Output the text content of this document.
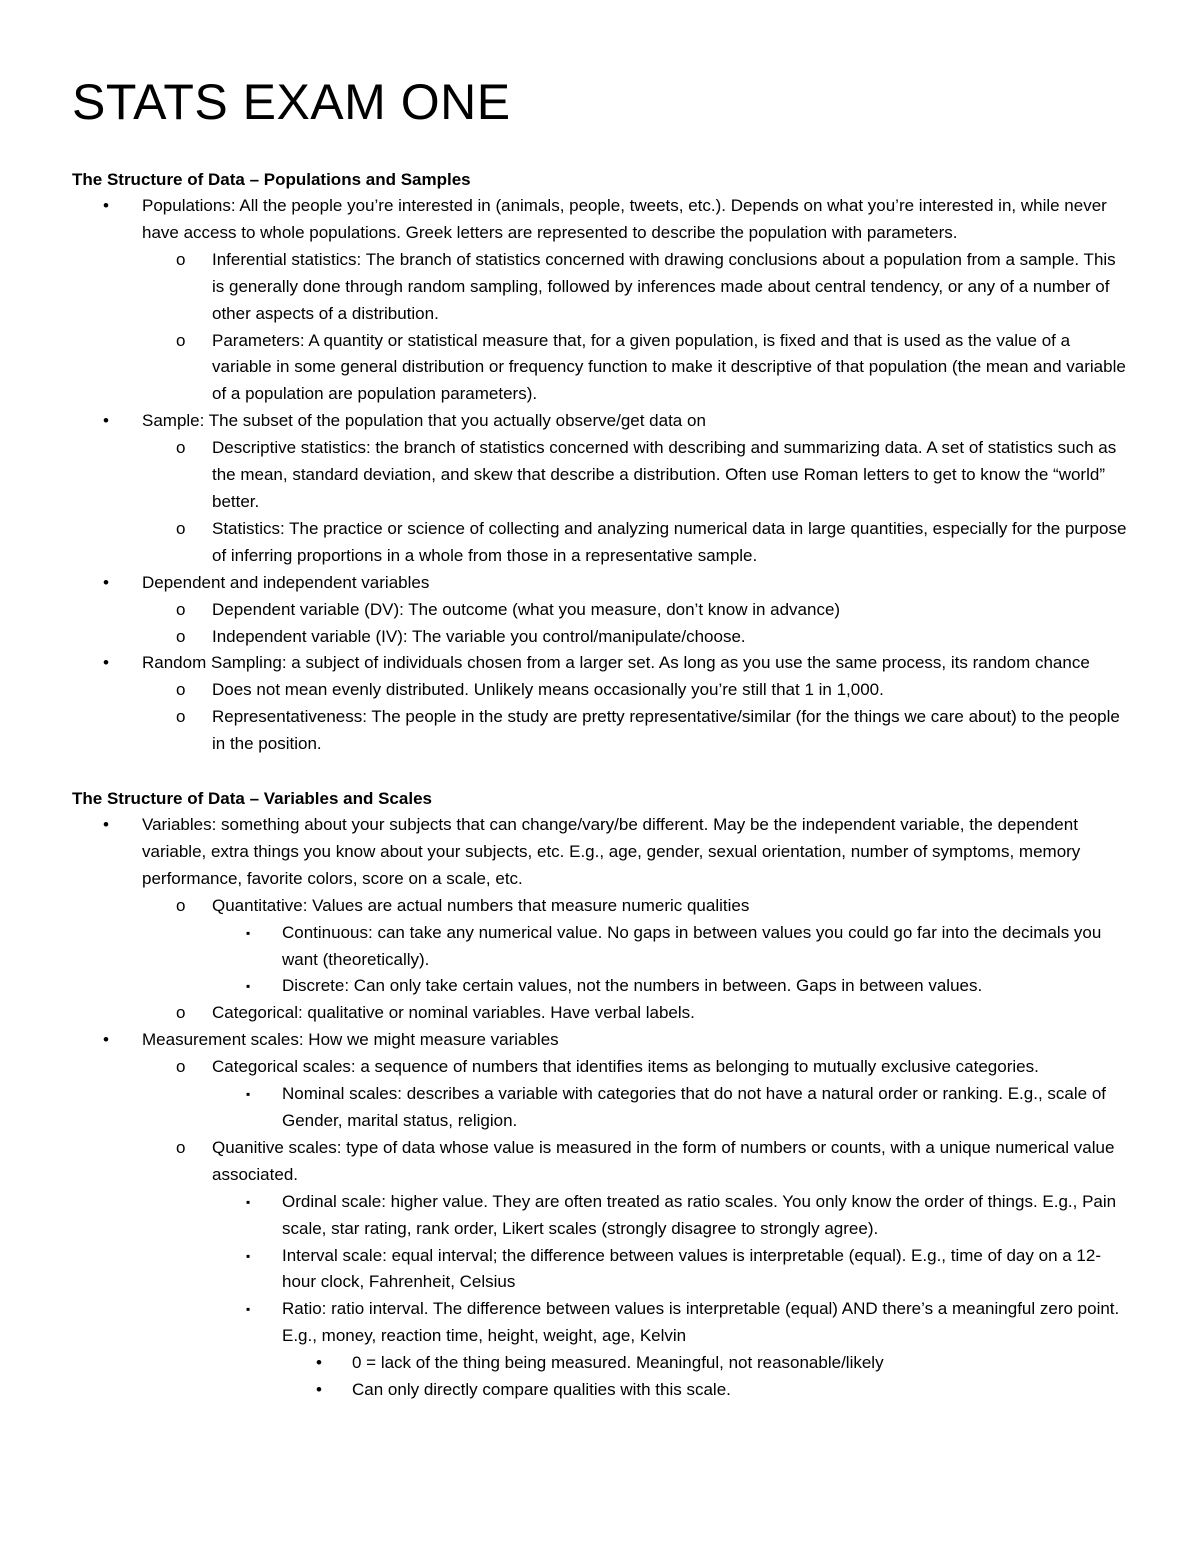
STATS EXAM ONE

The Structure of Data – Populations and Samples

• Populations: All the people you’re interested in (animals, people, tweets, etc.). Depends on what you’re interested in, while never have access to whole populations. Greek letters are represented to describe the population with parameters.
o Inferential statistics: The branch of statistics concerned with drawing conclusions about a population from a sample. This is generally done through random sampling, followed by inferences made about central tendency, or any of a number of other aspects of a distribution.
o Parameters: A quantity or statistical measure that, for a given population, is fixed and that is used as the value of a variable in some general distribution or frequency function to make it descriptive of that population (the mean and variable of a population are population parameters).
• Sample: The subset of the population that you actually observe/get data on
o Descriptive statistics: the branch of statistics concerned with describing and summarizing data. A set of statistics such as the mean, standard deviation, and skew that describe a distribution. Often use Roman letters to get to know the “world” better.
o Statistics: The practice or science of collecting and analyzing numerical data in large quantities, especially for the purpose of inferring proportions in a whole from those in a representative sample.
• Dependent and independent variables
o Dependent variable (DV): The outcome (what you measure, don’t know in advance)
o Independent variable (IV): The variable you control/manipulate/choose.
• Random Sampling: a subject of individuals chosen from a larger set. As long as you use the same process, its random chance
o Does not mean evenly distributed. Unlikely means occasionally you’re still that 1 in 1,000.
o Representativeness: The people in the study are pretty representative/similar (for the things we care about) to the people in the position.

The Structure of Data – Variables and Scales

• Variables: something about your subjects that can change/vary/be different. May be the independent variable, the dependent variable, extra things you know about your subjects, etc. E.g., age, gender, sexual orientation, number of symptoms, memory performance, favorite colors, score on a scale, etc.
o Quantitative: Values are actual numbers that measure numeric qualities
▪ Continuous: can take any numerical value. No gaps in between values you could go far into the decimals you want (theoretically).
▪ Discrete: Can only take certain values, not the numbers in between. Gaps in between values.
o Categorical: qualitative or nominal variables. Have verbal labels.
• Measurement scales: How we might measure variables
o Categorical scales: a sequence of numbers that identifies items as belonging to mutually exclusive categories.
▪ Nominal scales: describes a variable with categories that do not have a natural order or ranking. E.g., scale of Gender, marital status, religion.
o Quanitive scales: type of data whose value is measured in the form of numbers or counts, with a unique numerical value associated.
▪ Ordinal scale: higher value. They are often treated as ratio scales. You only know the order of things. E.g., Pain scale, star rating, rank order, Likert scales (strongly disagree to strongly agree).
▪ Interval scale: equal interval; the difference between values is interpretable (equal). E.g., time of day on a 12-hour clock, Fahrenheit, Celsius
▪ Ratio: ratio interval. The difference between values is interpretable (equal) AND there’s a meaningful zero point. E.g., money, reaction time, height, weight, age, Kelvin
• 0 = lack of the thing being measured. Meaningful, not reasonable/likely
• Can only directly compare qualities with this scale.
